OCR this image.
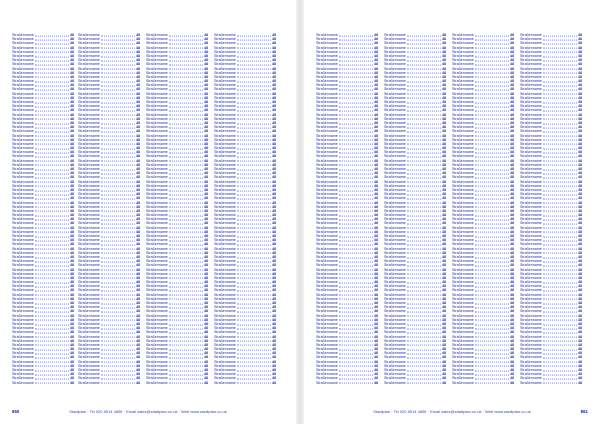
Straßenname	48
Straßenname	48
Straßenname	48
Straßenname	48
Straßenname	48
Straßenname	48
Straßenname	48
Straßenname	48
Straßenname	48
Straßenname	48
Straßenname	48
Straßenname	48
Straßenname	48
Straßenname	48
Straßenname	48
Straßenname	48
Straßenname	48
Straßenname	48
Straßenname	48
Straßenname	48
Straßenname	48
Straßenname	48
Straßenname	48
Straßenname	48
Straßenname	48
Straßenname	48
Straßenname	48
Straßenname	48
Straßenname	48
Straßenname	48
Straßenname	48
Straßenname	48
Straßenname	48
Straßenname	48
Straßenname	48
Straßenname	48
Straßenname	48
Straßenname	48
Straßenname	48
Straßenname	48
Straßenname	48
Straßenname	48
Straßenname	48
Straßenname	48
Straßenname	48
Straßenname	48
Straßenname	48
Straßenname	48
Straßenname	48
Straßenname	48
Straßenname	48
Straßenname	48
Straßenname	48
Straßenname	48
Straßenname	48
Straßenname	48
Straßenname	48
Straßenname	48
Straßenname	48
Straßenname	48
Straßenname	48
Straßenname	48
Straßenname	48
Straßenname	48
Straßenname	48
Straßenname	48
Straßenname	48
Straßenname	48
Straßenname	48
Straßenname	48
Straßenname	48
Straßenname	48
Straßenname	48
Straßenname	48
Straßenname	48
Straßenname	48
Straßenname	48
Straßenname	48
Straßenname	48
Straßenname	48
Straßenname	48
Straßenname	48
Straßenname	48
Straßenname	48
Straßenname	48
Straßenname	48
Straßenname	48
Straßenname	48
Straßenname	48
Straßenname	48
Straßenname	48
Straßenname	48
Straßenname	48
Straßenname	48
Straßenname	48
Straßenname	48
Straßenname	48
Straßenname	48
Straßenname	48
Straßenname	48
Straßenname	48
Straßenname	48
Straßenname	48
Straßenname	48
Straßenname	48
Straßenname	48
Straßenname	48
Straßenname	48
Straßenname	48
Straßenname	48
Straßenname	48
Straßenname	48
Straßenname	48
Straßenname	48
Straßenname	48
Straßenname	48
Straßenname	48
Straßenname	48
Straßenname	48
Straßenname	48
Straßenname	48
Straßenname	48
Straßenname	48
Straßenname	48
Straßenname	48
Straßenname	48
Straßenname	48
Straßenname	48
Straßenname	48
Straßenname	48
Straßenname	48
Straßenname	48
Straßenname	48
Straßenname	48
Straßenname	48
Straßenname	48
Straßenname	48
Straßenname	48
Straßenname	48
Straßenname	48
Straßenname	48
Straßenname	48
Straßenname	48
Straßenname	48
Straßenname	48
Straßenname	48
Straßenname	48
Straßenname	48
Straßenname	48
Straßenname	48
Straßenname	48
Straßenname	48
Straßenname	48
Straßenname	48
Straßenname	48
Straßenname	48
Straßenname	48
Straßenname	48
Straßenname	48
Straßenname	48
Straßenname	48
Straßenname	48
Straßenname	48
Straßenname	48
Straßenname	48
Straßenname	48
Straßenname	48
Straßenname	48
Straßenname	48
Straßenname	48
Straßenname	48
Straßenname	48
Straßenname	48
Straßenname	48
Straßenname	48
Straßenname	48
Straßenname	48
Straßenname	48
Straßenname	48
Straßenname	48
Straßenname	48
Straßenname	48
Straßenname	48
Straßenname	48
Straßenname	48
Straßenname	48
Straßenname	48
Straßenname	48
Straßenname	48
Straßenname	48
Straßenname	48
Straßenname	48
Straßenname	48
Straßenname	48
Straßenname	48
Straßenname	48
Straßenname	48
Straßenname	48
Straßenname	48
Straßenname	48
Straßenname	48
Straßenname	48
Straßenname	48
Straßenname	48
Straßenname	48
Straßenname	48
Straßenname	48
Straßenname	48
Straßenname	48
Straßenname	48
Straßenname	48
Straßenname	48
Straßenname	48
Straßenname	48
Straßenname	48
Straßenname	48
Straßenname	48
Straßenname	48
Straßenname	48
Straßenname	48
Straßenname	48
Straßenname	48
Straßenname	48
Straßenname	48
Straßenname	48
Straßenname	48
Straßenname	48
Straßenname	48
Straßenname	48
Straßenname	48
Straßenname	48
Straßenname	48
Straßenname	48
Straßenname	48
Straßenname	48
Straßenname	48
Straßenname	48
Straßenname	48
Straßenname	48
Straßenname	48
Straßenname	48
Straßenname	48
Straßenname	48
Straßenname	48
Straßenname	48
Straßenname	48
Straßenname	48
Straßenname	48
Straßenname	48
Straßenname	48
Straßenname	48
Straßenname	48
Straßenname	48
Straßenname	48
Straßenname	48
Straßenname	48
Straßenname	48
Straßenname	48
Straßenname	48
Straßenname	48
Straßenname	48
Straßenname	48
Straßenname	48
Straßenname	48
Straßenname	48
Straßenname	48
Straßenname	48
Straßenname	48
Straßenname	48
Straßenname	48
Straßenname	48
Straßenname	48
Straßenname	48
Straßenname	48
Straßenname	48
Straßenname	48
Straßenname	48
Straßenname	48
Straßenname	48
Straßenname	48
Straßenname	48
Straßenname	48
Straßenname	48
Straßenname	48
Straßenname	48
Straßenname	48
Straßenname	48
Straßenname	48
Straßenname	48
Straßenname	48
Straßenname	48
Straßenname	48
Straßenname	48
Straßenname	48
Straßenname	48
Straßenname	48
Straßenname	48
Straßenname	48
Straßenname	48
Straßenname	48
Straßenname	48
Straßenname	48
Straßenname	48
Straßenname	48
Straßenname	48
Straßenname	48
Straßenname	48
Straßenname	48
Straßenname	48
Straßenname	48
Straßenname	48
Straßenname	48
Straßenname	48
Straßenname	48
Straßenname	48
Straßenname	48
Straßenname	48
Straßenname	48
Straßenname	48
Straßenname	48
Straßenname	48
Straßenname	48
Straßenname	48
Straßenname	48
Straßenname	48
Straßenname	48
Straßenname	48
Straßenname	48
Straßenname	48
Straßenname	48
Straßenname	48
Straßenname	48
Straßenname	48
Straßenname	48
Straßenname	48
Straßenname	48
860	Stadtplan · Tel 020 8514 4896 · Email sales@stadtplan.co.uk · Web www.stadtplan.co.uk
Straßenname	48
Straßenname	48
Straßenname	48
Straßenname	48
Straßenname	48
Straßenname	48
Straßenname	48
Straßenname	48
Straßenname	48
Straßenname	48
Straßenname	48
Straßenname	48
Straßenname	48
Straßenname	48
Straßenname	48
Straßenname	48
Straßenname	48
Straßenname	48
Straßenname	48
Straßenname	48
Straßenname	48
Straßenname	48
Straßenname	48
Straßenname	48
Straßenname	48
Straßenname	48
Straßenname	48
Straßenname	48
Straßenname	48
Straßenname	48
Straßenname	48
Straßenname	48
Straßenname	48
Straßenname	48
Straßenname	48
Straßenname	48
Straßenname	48
Straßenname	48
Straßenname	48
Straßenname	48
Straßenname	48
Straßenname	48
Straßenname	48
Straßenname	48
Straßenname	48
Straßenname	48
Straßenname	48
Straßenname	48
Straßenname	48
Straßenname	48
Straßenname	48
Straßenname	48
Straßenname	48
Straßenname	48
Straßenname	48
Straßenname	48
Straßenname	48
Straßenname	48
Straßenname	48
Straßenname	48
Straßenname	48
Straßenname	48
Straßenname	48
Straßenname	48
Straßenname	48
Straßenname	48
Straßenname	48
Straßenname	48
Straßenname	48
Straßenname	48
Straßenname	48
Straßenname	48
Straßenname	48
Straßenname	48
Straßenname	48
Straßenname	48
Straßenname	48
Straßenname	48
Straßenname	48
Straßenname	48
Straßenname	48
Straßenname	48
Straßenname	48
Straßenname	48
Straßenname	48
Straßenname	48
Straßenname	48
Straßenname	48
Straßenname	48
Straßenname	48
Straßenname	48
Straßenname	48
Straßenname	48
Straßenname	48
Straßenname	48
Straßenname	48
Straßenname	48
Straßenname	48
Straßenname	48
Straßenname	48
Straßenname	48
Straßenname	48
Straßenname	48
Straßenname	48
Straßenname	48
Straßenname	48
Straßenname	48
Straßenname	48
Straßenname	48
Straßenname	48
Straßenname	48
Straßenname	48
Straßenname	48
Straßenname	48
Straßenname	48
Straßenname	48
Straßenname	48
Straßenname	48
Straßenname	48
Straßenname	48
Straßenname	48
Straßenname	48
Straßenname	48
Straßenname	48
Straßenname	48
Straßenname	48
Straßenname	48
Straßenname	48
Straßenname	48
Straßenname	48
Straßenname	48
Straßenname	48
Straßenname	48
Straßenname	48
Straßenname	48
Straßenname	48
Straßenname	48
Straßenname	48
Straßenname	48
Straßenname	48
Straßenname	48
Straßenname	48
Straßenname	48
Straßenname	48
Straßenname	48
Straßenname	48
Straßenname	48
Straßenname	48
Straßenname	48
Straßenname	48
Straßenname	48
Straßenname	48
Straßenname	48
Straßenname	48
Straßenname	48
Straßenname	48
Straßenname	48
Straßenname	48
Straßenname	48
Straßenname	48
Straßenname	48
Straßenname	48
Straßenname	48
Straßenname	48
Straßenname	48
Straßenname	48
Straßenname	48
Straßenname	48
Straßenname	48
Straßenname	48
Straßenname	48
Straßenname	48
Straßenname	48
Straßenname	48
Straßenname	48
Straßenname	48
Straßenname	48
Straßenname	48
Straßenname	48
Straßenname	48
Straßenname	48
Straßenname	48
Straßenname	48
Straßenname	48
Straßenname	48
Straßenname	48
Straßenname	48
Straßenname	48
Straßenname	48
Straßenname	48
Straßenname	48
Straßenname	48
Straßenname	48
Straßenname	48
Straßenname	48
Straßenname	48
Straßenname	48
Straßenname	48
Straßenname	48
Straßenname	48
Straßenname	48
Straßenname	48
Straßenname	48
Straßenname	48
Straßenname	48
Straßenname	48
Straßenname	48
Straßenname	48
Straßenname	48
Straßenname	48
Straßenname	48
Straßenname	48
Straßenname	48
Straßenname	48
Straßenname	48
Straßenname	48
Straßenname	48
Straßenname	48
Straßenname	48
Straßenname	48
Straßenname	48
Straßenname	48
Straßenname	48
Straßenname	48
Straßenname	48
Straßenname	48
Straßenname	48
Straßenname	48
Straßenname	48
Straßenname	48
Straßenname	48
Straßenname	48
Straßenname	48
Straßenname	48
Straßenname	48
Straßenname	48
Straßenname	48
Straßenname	48
Straßenname	48
Straßenname	48
Straßenname	48
Straßenname	48
Straßenname	48
Straßenname	48
Straßenname	48
Straßenname	48
Straßenname	48
Straßenname	48
Straßenname	48
Straßenname	48
Straßenname	48
Straßenname	48
Straßenname	48
Straßenname	48
Straßenname	48
Straßenname	48
Straßenname	48
Straßenname	48
Straßenname	48
Straßenname	48
Straßenname	48
Straßenname	48
Straßenname	48
Straßenname	48
Straßenname	48
Straßenname	48
Straßenname	48
Straßenname	48
Straßenname	48
Straßenname	48
Straßenname	48
Straßenname	48
Straßenname	48
Straßenname	48
Straßenname	48
Straßenname	48
Straßenname	48
Straßenname	48
Straßenname	48
Straßenname	48
Straßenname	48
Straßenname	48
Straßenname	48
Straßenname	48
Straßenname	48
Straßenname	48
Straßenname	48
Straßenname	48
Straßenname	48
Straßenname	48
Straßenname	48
Straßenname	48
Straßenname	48
Straßenname	48
Straßenname	48
Straßenname	48
Straßenname	48
Straßenname	48
Straßenname	48
Straßenname	48
Straßenname	48
Straßenname	48
Straßenname	48
Straßenname	48
Straßenname	48
Straßenname	48
Straßenname	48
Straßenname	48
Straßenname	48
Straßenname	48
Straßenname	48
Straßenname	48
Straßenname	48
Straßenname	48
Straßenname	48
Straßenname	48
Straßenname	48
Straßenname	48
Straßenname	48
Straßenname	48
Straßenname	48
Straßenname	48
Straßenname	48
Straßenname	48
Straßenname	48
Straßenname	48
Straßenname	48
Straßenname	48
Straßenname	48
Straßenname	48
Straßenname	48
Straßenname	48
Straßenname	48
Straßenname	48
Straßenname	48
Straßenname	48
861
Stadtplan · Tel 020 8514 4896 · Email sales@stadtplan.co.uk · Web www.stadtplan.co.uk
